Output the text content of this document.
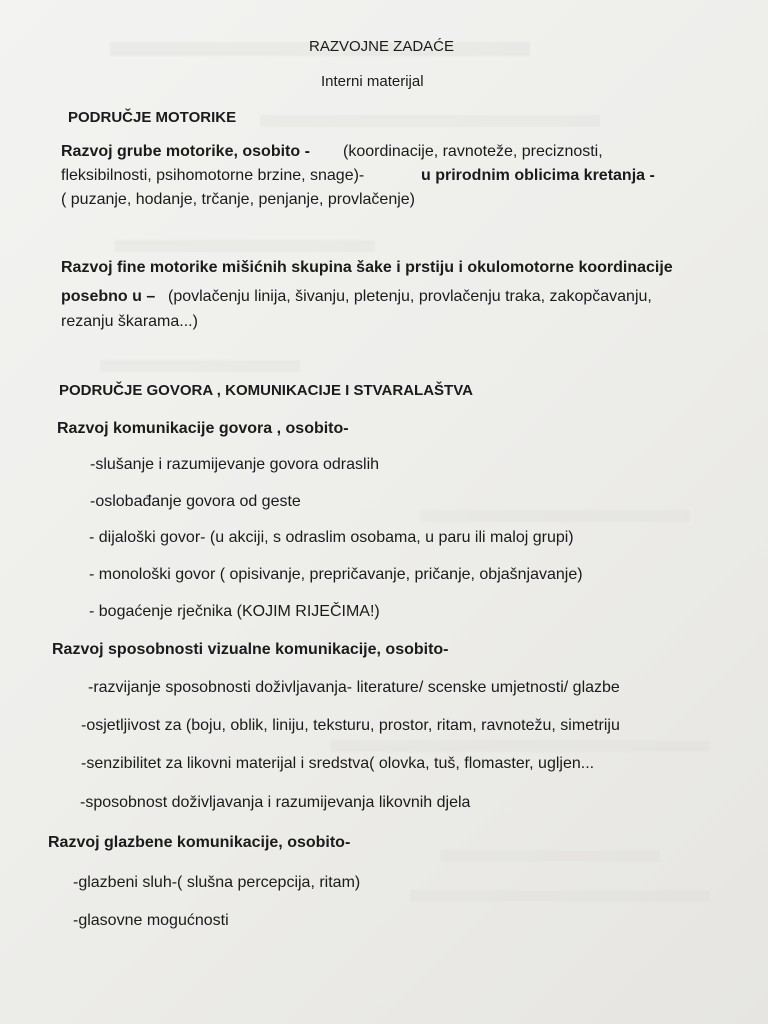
RAZVOJNE ZADAĆE
Interni materijal
PODRUČJE MOTORIKE
Razvoj grube motorike, osobito - (koordinacije, ravnoteže, preciznosti,
fleksibilnosti, psihomotorne brzine, snage)-	u prirodnim oblicima kretanja -
( puzanje, hodanje, trčanje, penjanje, provlačenje)
Razvoj fine motorike mišićnih skupina šake i prstiju i okulomotorne koordinacije
posebno u – (povlačenju linija, šivanju, pletenju, provlačenju traka, zakopčavanju,
rezanju škarama...)
PODRUČJE GOVORA , KOMUNIKACIJE I STVARALAŠTVA
Razvoj komunikacije govora , osobito-
-slušanje i razumijevanje govora odraslih
-oslobađanje govora od geste
- dijaloški govor- (u akciji, s odraslim osobama, u paru ili maloj grupi)
- monološki govor ( opisivanje, prepričavanje, pričanje, objašnjavanje)
- bogaćenje rječnika (KOJIM RIJEČIMA!)
Razvoj sposobnosti vizualne komunikacije, osobito-
-razvijanje sposobnosti doživljavanja- literature/ scenske umjetnosti/ glazbe
-osjetljivost za (boju, oblik, liniju, teksturu, prostor, ritam, ravnotežu, simetriju
-senzibilitet za likovni materijal i sredstva( olovka, tuš, flomaster, ugljen...
-sposobnost doživljavanja i razumijevanja likovnih djela
Razvoj glazbene komunikacije, osobito-
-glazbeni sluh-( slušna percepcija, ritam)
-glasovne mogućnosti
